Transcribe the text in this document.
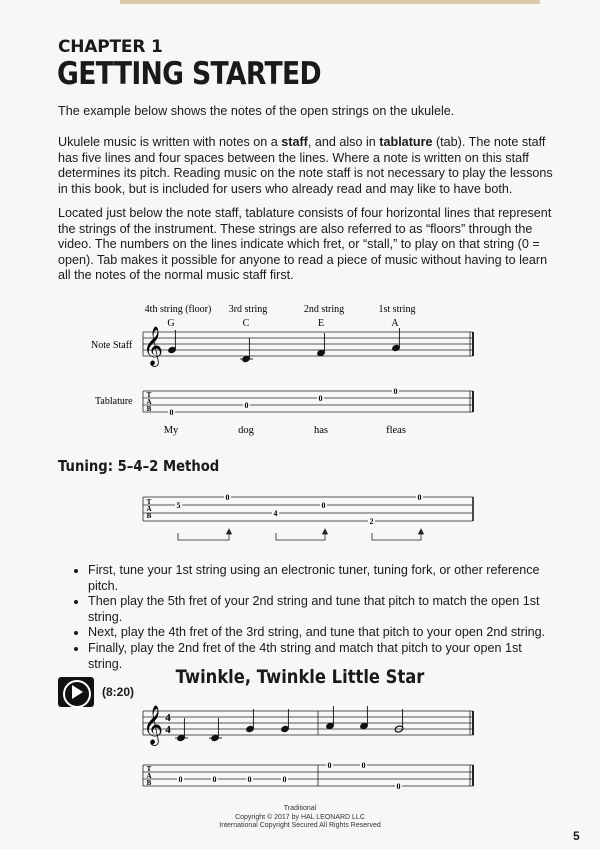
CHAPTER 1
GETTING STARTED

The example below shows the notes of the open strings on the ukulele.

Ukulele music is written with notes on a staff, and also in tablature (tab). The note staff has five lines and four spaces between the lines. Where a note is written on this staff determines its pitch. Reading music on the note staff is not necessary to play the lessons in this book, but is included for users who already read and may like to have both.

Located just below the note staff, tablature consists of four horizontal lines that represent the strings of the instrument. These strings are also referred to as “floors” through the video. The numbers on the lines indicate which fret, or “stall,” to play on that string (0 = open). Tab makes it possible for anyone to read a piece of music without having to learn all the notes of the normal music staff first.

4th string (floor) 3rd string	2nd string	1st string
G	C	E	A
Note Staff
Tablature
𝄞
T
A
B 0
0
0
0
My	dog	has	fleas
Tuning: 5–4–2 Method
T
A
B
5
0
4
0
2
0
• First, tune your 1st string using an electronic tuner, tuning fork, or other reference pitch.
• Then play the 5th fret of your 2nd string and tune that pitch to match the open 1st string.
• Next, play the 4th fret of the 3rd string, and tune that pitch to your open 2nd string.
• Finally, play the 2nd fret of the 4th string and match that pitch to your open 1st string.
(8:20)
Twinkle, Twinkle Little Star
𝄞 4
4
T
A
B	0	0	0	0
0	0
0
Traditional
Copyright © 2017 by HAL LEONARD LLC
International Copyright Secured All Rights Reserved
5
